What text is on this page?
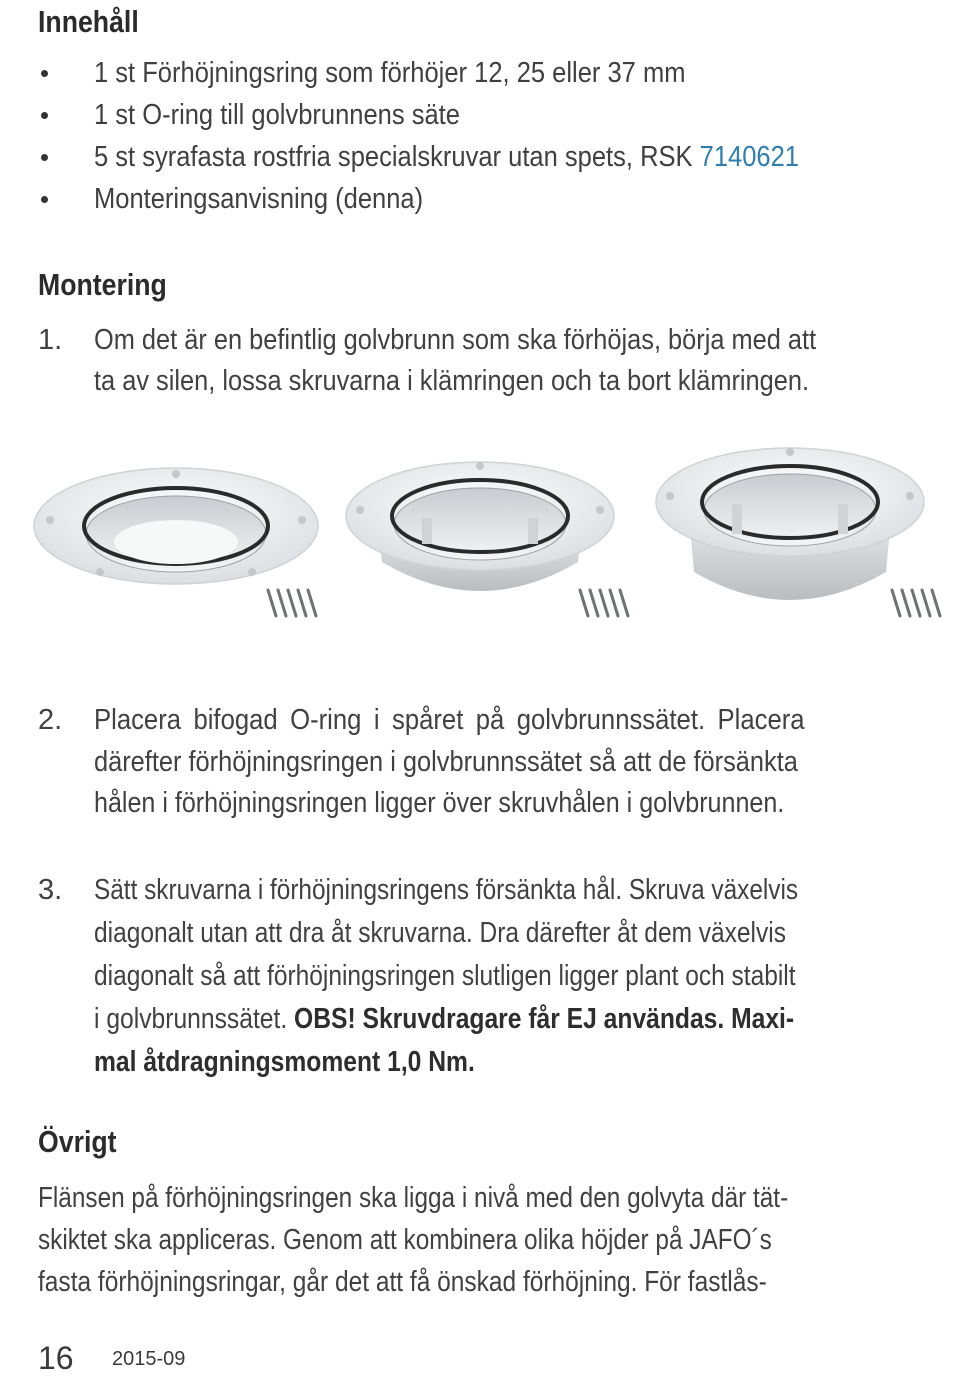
Innehåll
1 st Förhöjningsring som förhöjer 12, 25 eller 37 mm
1 st O-ring till golvbrunnens säte
5 st syrafasta rostfria specialskruvar utan spets, RSK 7140621
Monteringsanvisning (denna)
Montering
1. Om det är en befintlig golvbrunn som ska förhöjas, börja med att
ta av silen, lossa skruvarna i klämringen och ta bort klämringen.
2. Placera bifogad O-ring i spåret på golvbrunnssätet. Placera
därefter förhöjningsringen i golvbrunnssätet så att de försänkta
hålen i förhöjningsringen ligger över skruvhålen i golvbrunnen.
3. Sätt skruvarna i förhöjningsringens försänkta hål. Skruva växelvis
diagonalt utan att dra åt skruvarna. Dra därefter åt dem växelvis
diagonalt så att förhöjningsringen slutligen ligger plant och stabilt
i golvbrunnssätet. OBS! Skruvdragare får EJ användas. Maxi-
mal åtdragningsmoment 1,0 Nm.
Övrigt
Flänsen på förhöjningsringen ska ligga i nivå med den golvyta där tät-
skiktet ska appliceras. Genom att kombinera olika höjder på JAFO´s
fasta förhöjningsringar, går det att få önskad förhöjning. För fastlås-
16 2015-09
